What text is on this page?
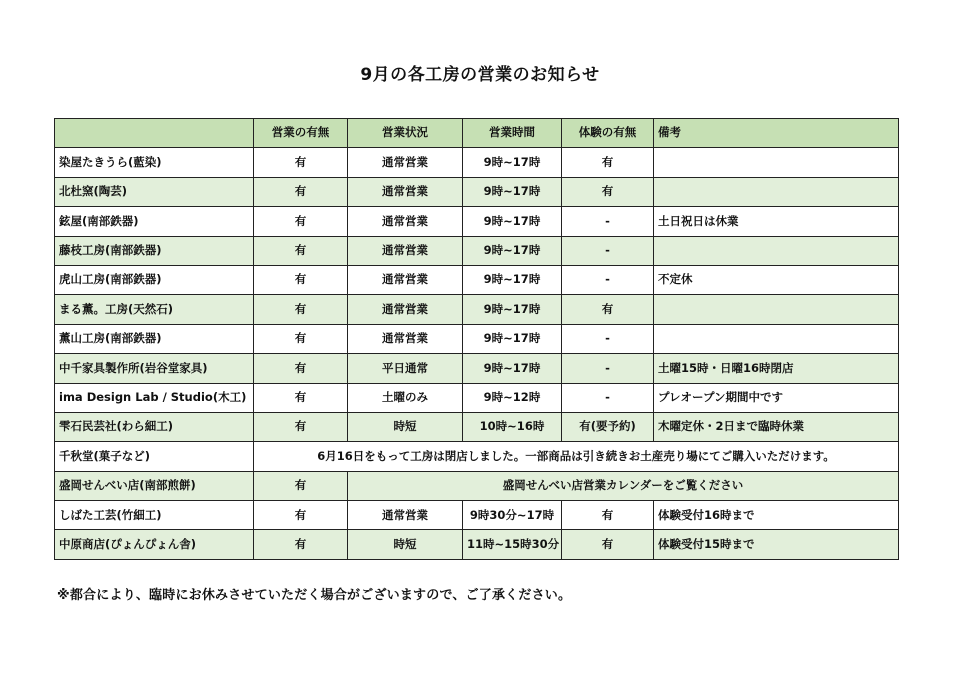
9月の各工房の営業のお知らせ
	営業の有無	営業状況	営業時間	体験の有無	備考
染屋たきうら(藍染)	有	通常営業	9時~17時	有	
北杜窯(陶芸)	有	通常営業	9時~17時	有	
鉉屋(南部鉄器)	有	通常営業	9時~17時	-	土日祝日は休業
藤枝工房(南部鉄器)	有	通常営業	9時~17時	-	
虎山工房(南部鉄器)	有	通常営業	9時~17時	-	不定休
まる薫。工房(天然石)	有	通常営業	9時~17時	有	
薫山工房(南部鉄器)	有	通常営業	9時~17時	-	
中千家具製作所(岩谷堂家具)	有	平日通常	9時~17時	-	土曜15時・日曜16時閉店
ima Design Lab / Studio(木工)	有	土曜のみ	9時~12時	-	プレオープン期間中です
雫石民芸社(わら細工)	有	時短	10時~16時	有(要予約)	木曜定休・2日まで臨時休業
千秋堂(菓子など)	6月16日をもって工房は閉店しました。一部商品は引き続きお土産売り場にてご購入いただけます。				
盛岡せんべい店(南部煎餅)	有	盛岡せんべい店営業カレンダーをご覧ください			
しばた工芸(竹細工)	有	通常営業	9時30分~17時	有	体験受付16時まで
中原商店(ぴょんぴょん舎)	有	時短	11時~15時30分	有	体験受付15時まで
※都合により、臨時にお休みさせていただく場合がございますので、ご了承ください。
